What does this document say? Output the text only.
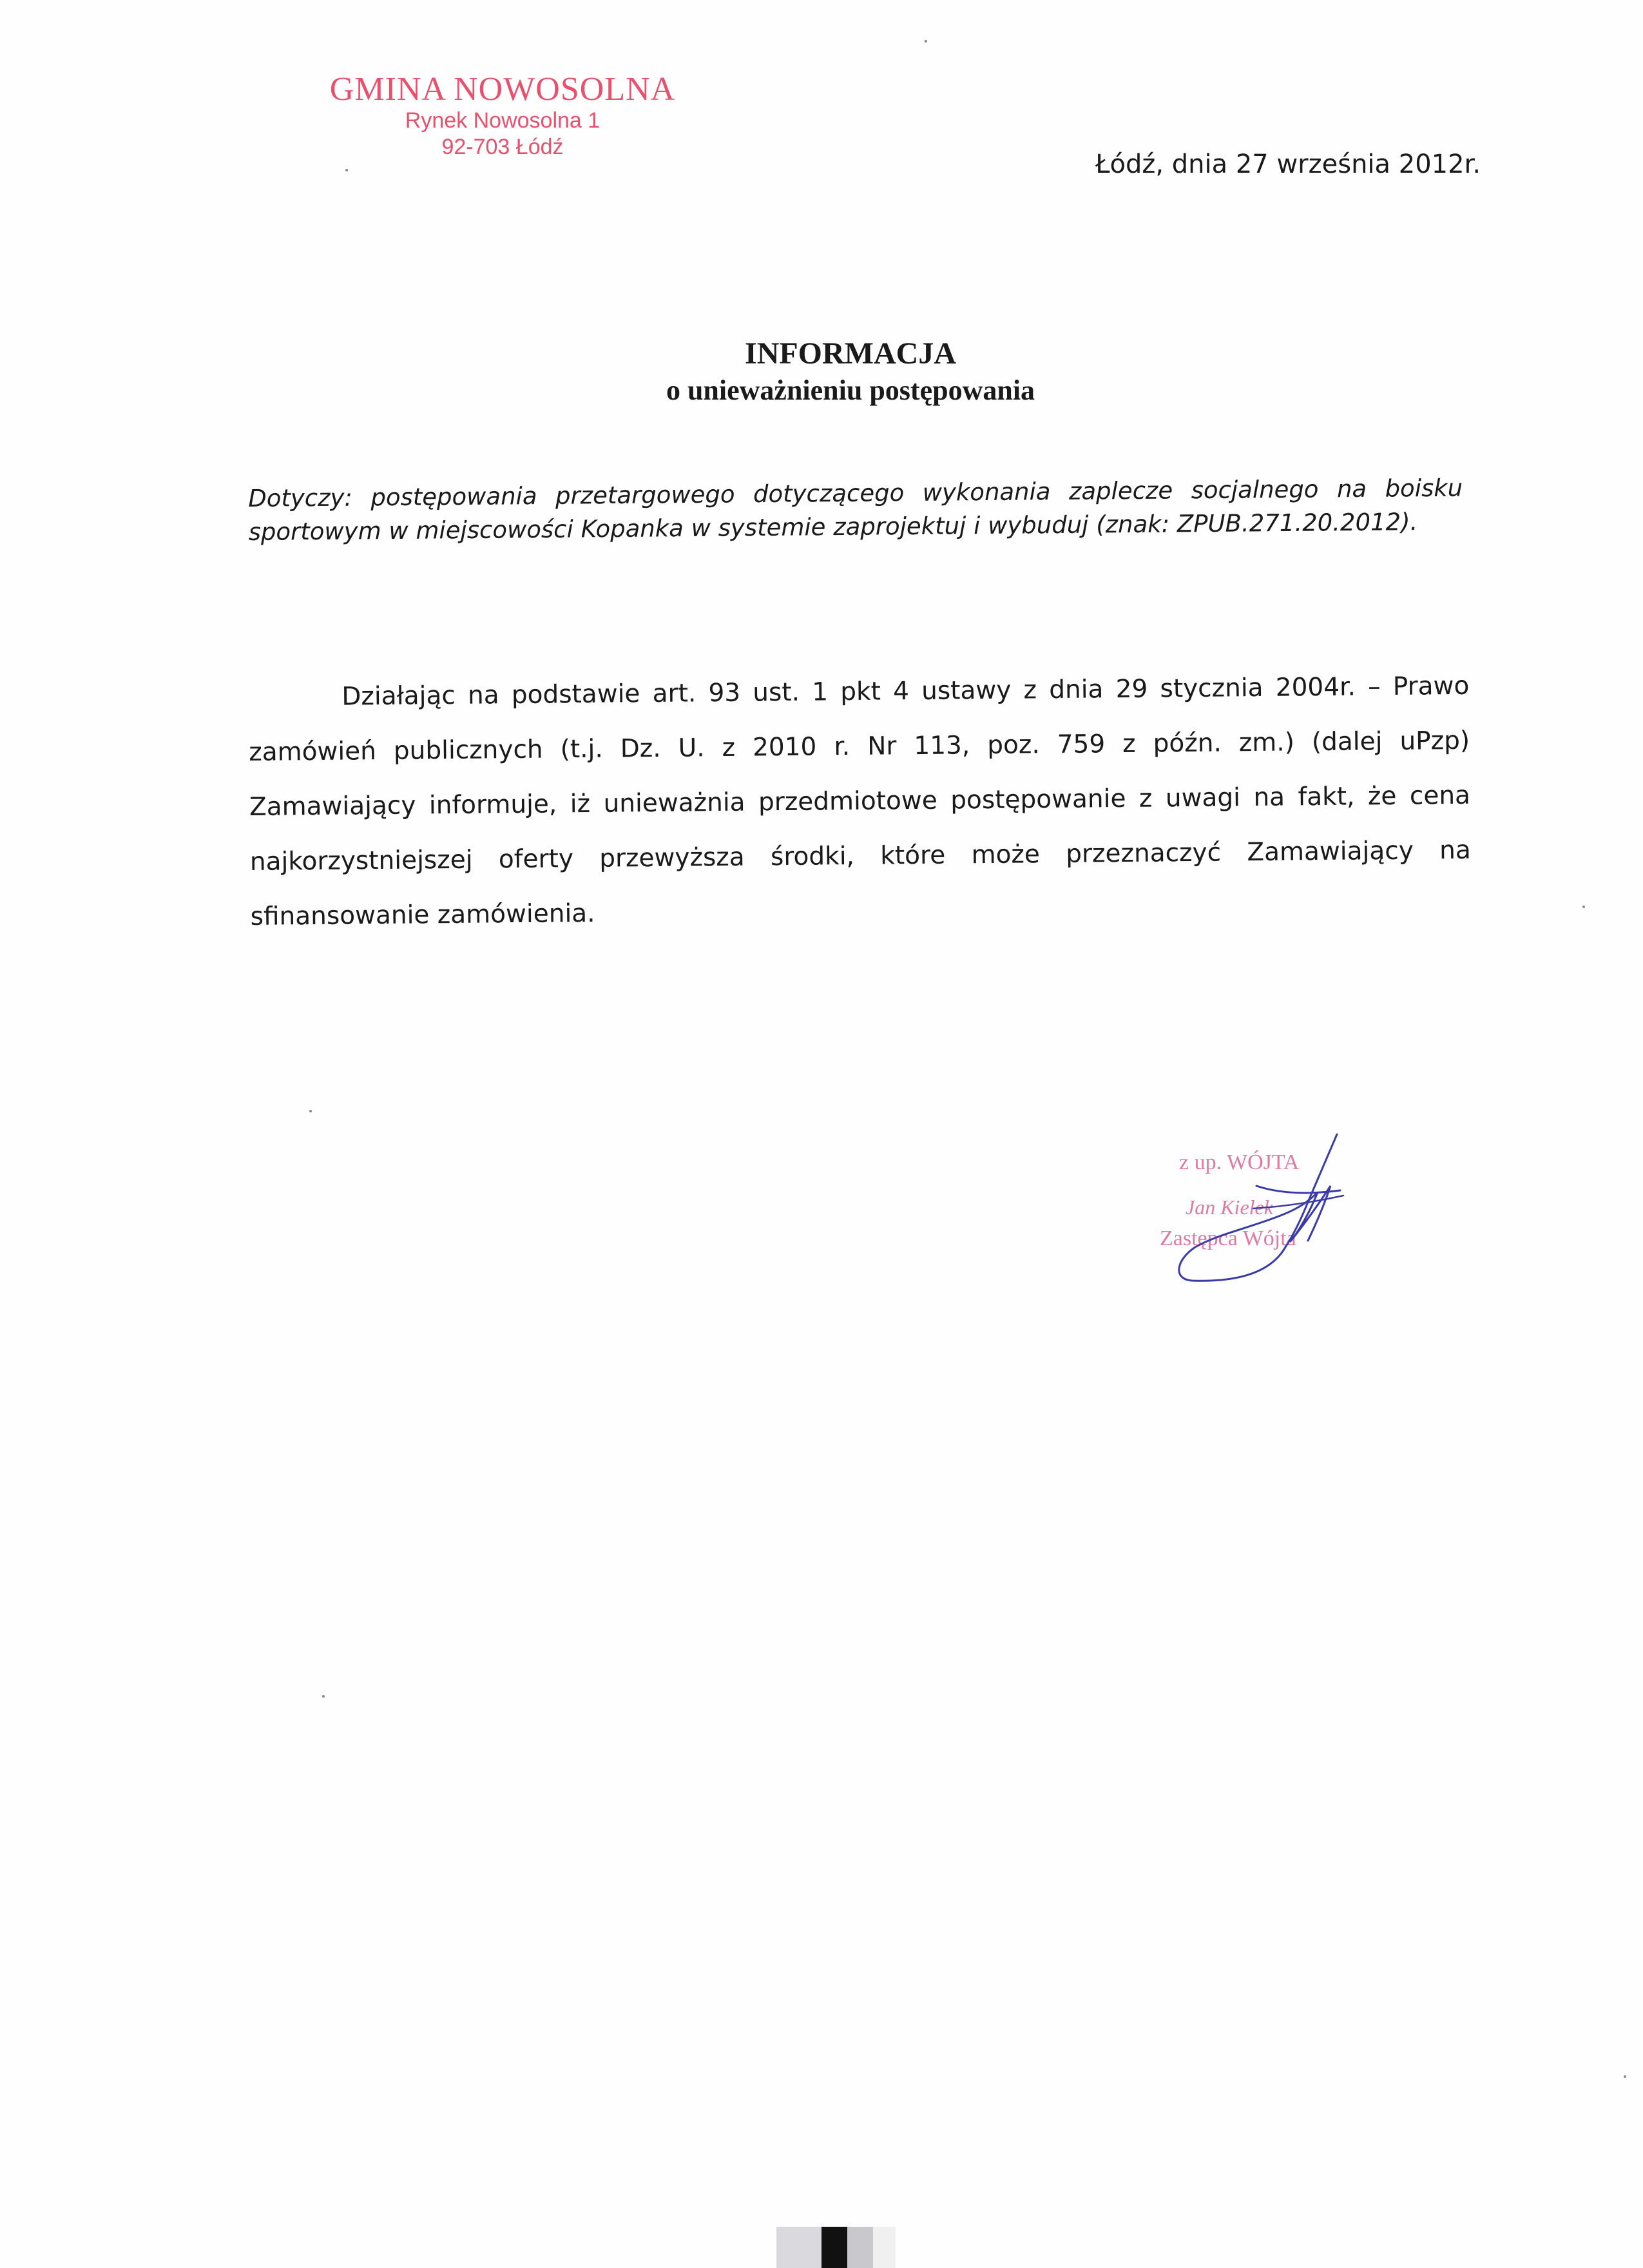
GMINA NOWOSOLNA
Rynek Nowosolna 1
92-703 Łódź
Łódź, dnia 27 września 2012r.
INFORMACJA
o unieważnieniu postępowania
Dotyczy: postępowania przetargowego dotyczącego wykonania zaplecze socjalnego na boisku sportowym w miejscowości Kopanka w systemie zaprojektuj i wybuduj (znak: ZPUB.271.20.2012).
Działając na podstawie art. 93 ust. 1 pkt 4 ustawy z dnia 29 stycznia 2004r. – Prawo zamówień publicznych (t.j. Dz. U. z 2010 r. Nr 113, poz. 759 z późn. zm.) (dalej uPzp) Zamawiający informuje, iż unieważnia przedmiotowe postępowanie z uwagi na fakt, że cena najkorzystniejszej oferty przewyższa środki, które może przeznaczyć Zamawiający na sfinansowanie zamówienia.
z up. WÓJTA
Jan Kielek
Zastępca Wójta
